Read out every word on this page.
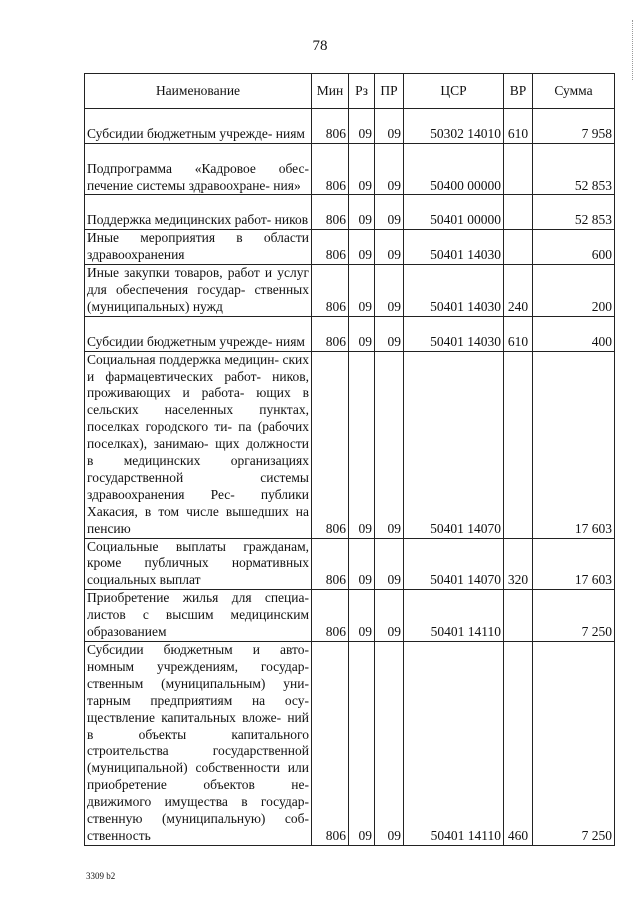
78
Наименование	Мин	Рз	ПР	ЦСР	ВР	Сумма
Субсидии бюджетным учрежде- ниям	806	09	09	50302 14010	610	7 958
Подпрограмма «Кадровое обес- печение системы здравоохране- ния»	806	09	09	50400 00000		52 853
Поддержка медицинских работ- ников	806	09	09	50401 00000		52 853
Иные мероприятия в области здравоохранения	806	09	09	50401 14030		600
Иные закупки товаров, работ и услуг для обеспечения государ- ственных (муниципальных) нужд	806	09	09	50401 14030	240	200
Субсидии бюджетным учрежде- ниям	806	09	09	50401 14030	610	400
Социальная поддержка медицин- ских и фармацевтических работ- ников, проживающих и работа- ющих в сельских населенных пунктах, поселках городского ти- па (рабочих поселках), занимаю- щих должности в медицинских организациях государственной системы здравоохранения Рес- публики Хакасия, в том числе вышедших на пенсию	806	09	09	50401 14070		17 603
Социальные выплаты гражданам, кроме публичных нормативных социальных выплат	806	09	09	50401 14070	320	17 603
Приобретение жилья для специа- листов с высшим медицинским образованием	806	09	09	50401 14110		7 250
Субсидии бюджетным и авто- номным учреждениям, государ- ственным (муниципальным) уни- тарным предприятиям на осу- ществление капитальных вложе- ний в объекты капитального строительства государственной (муниципальной) собственности или приобретение объектов не- движимого имущества в государ- ственную (муниципальную) соб- ственность	806	09	09	50401 14110	460	7 250
3309 b2
